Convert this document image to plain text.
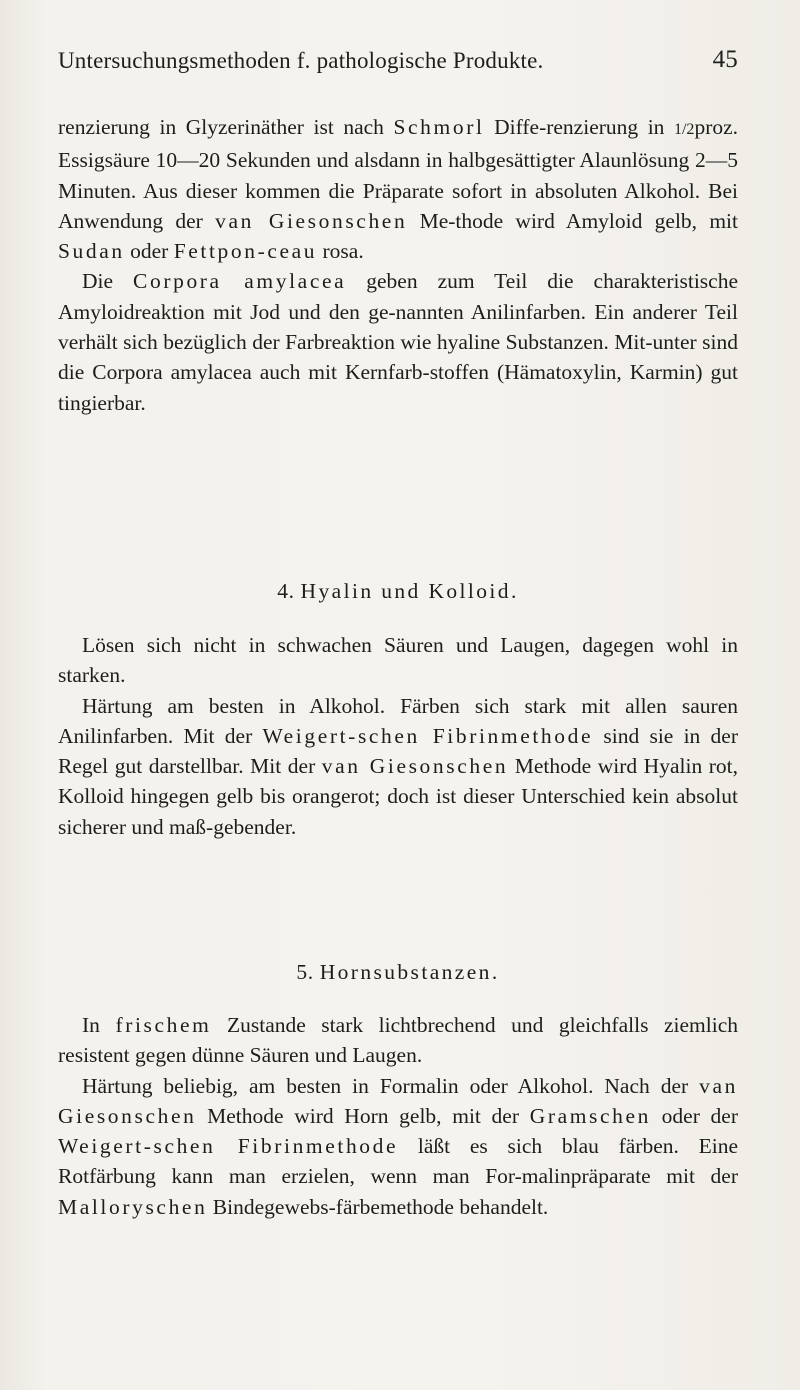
Untersuchungsmethoden f. pathologische Produkte.	45

renzierung in Glyzerinäther ist nach Schmorl Diffe-renzierung in 1/2proz. Essigsäure 10—20 Sekunden und alsdann in halbgesättigter Alaunlösung 2—5 Minuten. Aus dieser kommen die Präparate sofort in absoluten Alkohol. Bei Anwendung der van Giesonschen Me-thode wird Amyloid gelb, mit Sudan oder Fettpon-ceau rosa.

Die Corpora amylacea geben zum Teil die charakteristische Amyloidreaktion mit Jod und den ge-nannten Anilinfarben. Ein anderer Teil verhält sich bezüglich der Farbreaktion wie hyaline Substanzen. Mit-unter sind die Corpora amylacea auch mit Kernfarb-stoffen (Hämatoxylin, Karmin) gut tingierbar.

4. Hyalin und Kolloid.

Lösen sich nicht in schwachen Säuren und Laugen, dagegen wohl in starken.

Härtung am besten in Alkohol. Färben sich stark mit allen sauren Anilinfarben. Mit der Weigert-schen Fibrinmethode sind sie in der Regel gut darstellbar. Mit der van Giesonschen Methode wird Hyalin rot, Kolloid hingegen gelb bis orangerot; doch ist dieser Unterschied kein absolut sicherer und maß-gebender.

5. Hornsubstanzen.

In frischem Zustande stark lichtbrechend und gleichfalls ziemlich resistent gegen dünne Säuren und Laugen.

Härtung beliebig, am besten in Formalin oder Alkohol. Nach der van Giesonschen Methode wird Horn gelb, mit der Gramschen oder der Weigert-schen Fibrinmethode läßt es sich blau färben. Eine Rotfärbung kann man erzielen, wenn man For-malinpräparate mit der Malloryschen Bindegewebs-färbemethode behandelt.
